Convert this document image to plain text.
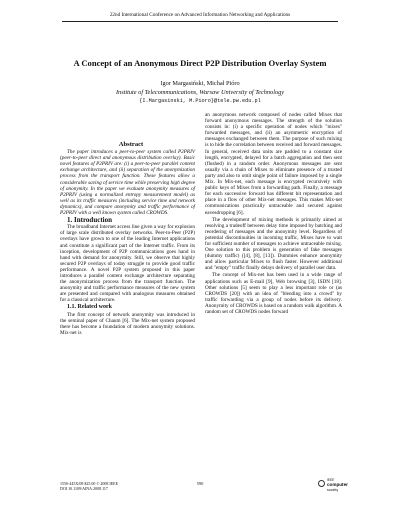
22nd International Conference on Advanced Information Networking and Applications
A Concept of an Anonymous Direct P2P Distribution Overlay System
Igor Margasiński, Michał Pióro
Institute of Telecommunications, Warsaw University of Technology
{I.Margasinski, M.Pioro}@tele.pw.edu.pl

Abstract

The paper introduces a peer-to-peer system called P2PRIV (peer-to-peer direct and anonymous distribution overlay). Basic novel features of P2PRIV are: (i) a peer-to-peer parallel content exchange architecture, and (ii) separation of the anonymization process from the transport function. These features allow a considerable saving of service time while preserving high degree of anonymity. In the paper we evaluate anonymity measures of P2PRIV (using a normalized entropy measurement model) as well as its traffic measures (including service time and network dynamics), and compare anonymity and traffic performance of P2PRIV with a well known system called CROWDS.

1. Introduction

The broadband Internet access line given a way for explosion of large scale distributed overlay networks. Peer-to-Peer (P2P) overlays have grown to one of the leading Internet applications and constitute a significant part of the Internet traffic. From its inception, development of P2P communications goes hand in hand with demand for anonymity. Still, we observe that highly secured P2P overlays of today struggle to provide good traffic performance. A novel P2P system proposed in this paper introduces a parallel content exchange architecture separating the anonymization process from the transport function. The anonymity and traffic performance measures of the new system are presented and compared with analogous measures obtained for a classical architecture.

1.1. Related work

The first concept of network anonymity was introduced in the seminal paper of Chaum [6]. The Mix-net system proposed there has become a foundation of modern anonymity solutions. Mix-net is

an anonymous network composed of nodes called Mixes that forward anonymous messages. The strength of the solution consists in: (i) a specific operation of nodes which "mixes" forwarded messages, and (ii) an asymmetric encryption of messages exchanged between them. The purpose of such mixing is to hide the correlation between received and forward messages. In general, received data units are padded to a constant size length, encrypted, delayed for a batch aggregation and then sent (flushed) in a random order. Anonymous messages are sent usually via a chain of Mixes to eliminate presence of a trusted party and also to omit single point of failure imposed by a single Mix. In Mix-net, each message is encrypted recursively with public keys of Mixes from a forwarding path. Finally, a message for each successive forward has different bit representation and place in a flow of other Mix-net messages. This makes Mix-net communications practically untraceable and secured against eavesdropping [6].

The development of mixing methods is primarily aimed at resolving a tradeoff between delay time imposed by batching and reordering of messages and the anonymity level. Regardless of potential discontinuities in incoming traffic, Mixes have to wait for sufficient number of messages to achieve untraceable mixing. One solution to this problem is generation of fake messages (dummy traffic) ([4], [8], [13]). Dummies enhance anonymity and allow particular Mixes to flush faster. However additional and "empty" traffic finally delays delivery of parallel user data.

The concept of Mix-net has been used in a wide range of applications such as E-mail [9], Web browsing [3], ISDN [18]. Other solutions [5] seem to play a less important role or (as CROWDS [20]) with an idea of "blending into a crowd" by traffic forwarding via a group of nodes before its delivery. Anonymity of CROWDS is based on a random walk algorithm. A random set of CROWDS nodes forward

1550-445X/08 $25.00 © 2008 IEEE
DOI 10.1109/AINA.2008.117
590
IEEE
computer
society
